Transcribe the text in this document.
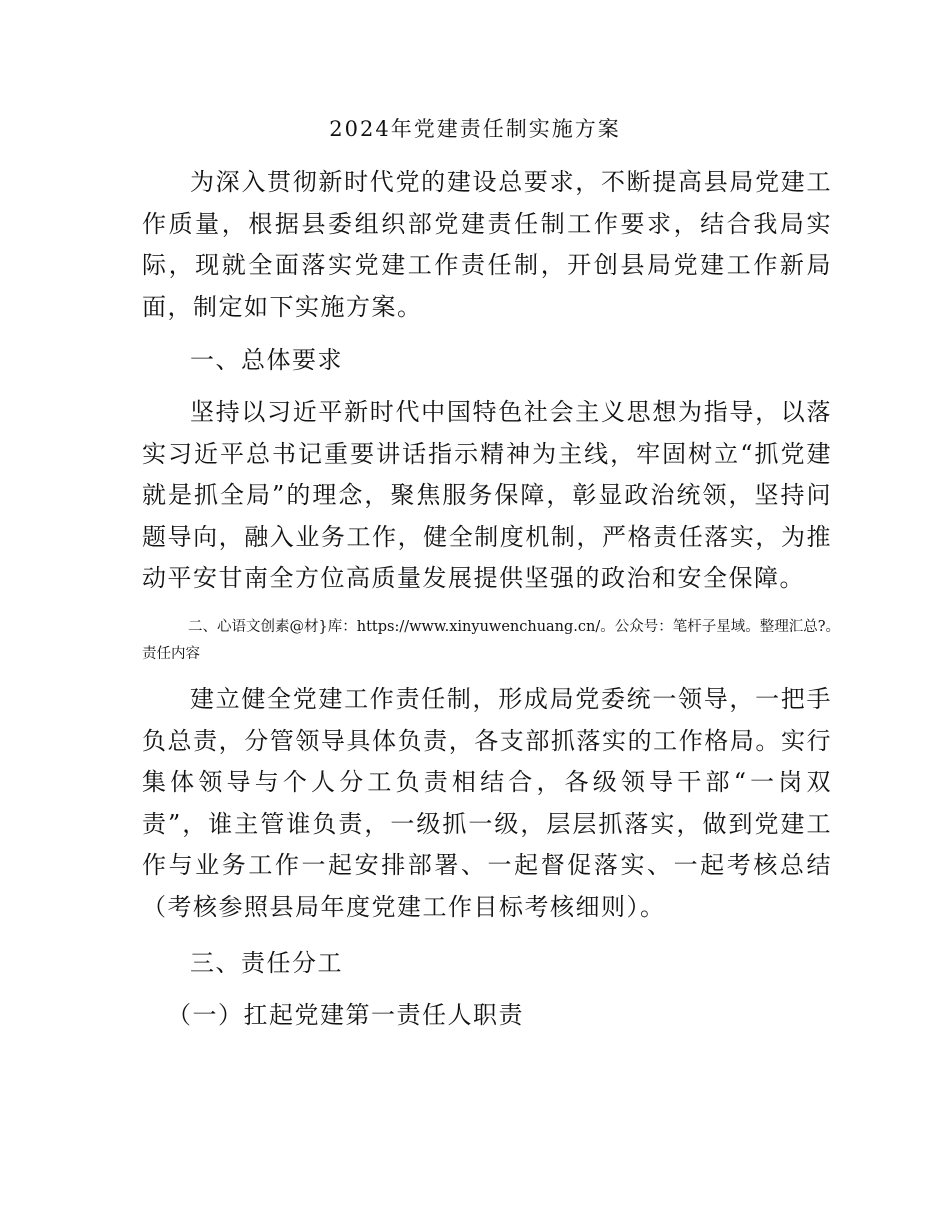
2024年党建责任制实施方案

为深入贯彻新时代党的建设总要求，不断提高县局党建工作质量，根据县委组织部党建责任制工作要求，结合我局实际，现就全面落实党建工作责任制，开创县局党建工作新局面，制定如下实施方案。

一、总体要求

坚持以习近平新时代中国特色社会主义思想为指导，以落实习近平总书记重要讲话指示精神为主线，牢固树立“抓党建就是抓全局”的理念，聚焦服务保障，彰显政治统领，坚持问题导向，融入业务工作，健全制度机制，严格责任落实，为推动平安甘南全方位高质量发展提供坚强的政治和安全保障。

二、心语文创素@材}库：https://www.xinyuwenchuang.cn/。公众号：笔杆子星域。整理汇总?。责任内容

建立健全党建工作责任制，形成局党委统一领导，一把手负总责，分管领导具体负责，各支部抓落实的工作格局。实行集体领导与个人分工负责相结合，各级领导干部“一岗双责”，谁主管谁负责，一级抓一级，层层抓落实，做到党建工作与业务工作一起安排部署、一起督促落实、一起考核总结（考核参照县局年度党建工作目标考核细则）。

三、责任分工
（一）扛起党建第一责任人职责
